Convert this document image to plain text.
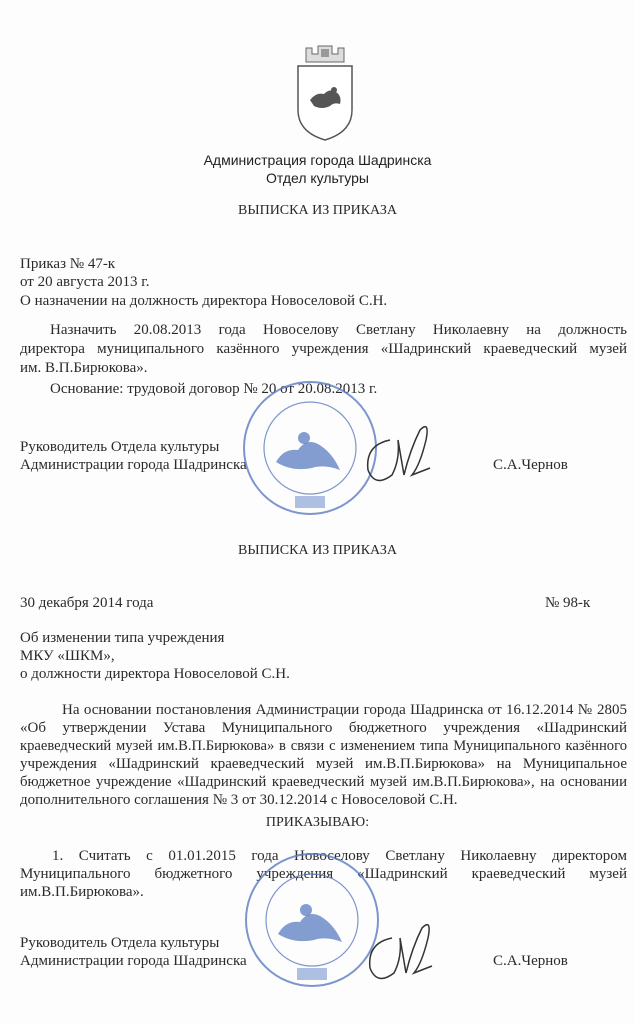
Администрация города Шадринска
Отдел культуры
ВЫПИСКА ИЗ ПРИКАЗА
Приказ № 47-к
от 20 августа 2013 г.
О назначении на должность директора Новоселовой С.Н.
Назначить 20.08.2013 года Новоселову Светлану Николаевну на должность
директора муниципального казённого учреждения «Шадринский краеведческий музей
им. В.П.Бирюкова».
Основание: трудовой договор № 20 от 20.08.2013 г.
Руководитель Отдела культуры
Администрации города Шадринска	С.А.Чернов
ВЫПИСКА ИЗ ПРИКАЗА
30 декабря 2014 года	№ 98-к
Об изменении типа учреждения
МКУ «ШКМ»,
о должности директора Новоселовой С.Н.
На основании постановления Администрации города Шадринска от 16.12.2014 № 2805
«Об утверждении Устава Муниципального бюджетного учреждения «Шадринский
краеведческий музей им.В.П.Бирюкова» в связи с изменением типа Муниципального казённого
учреждения «Шадринский краеведческий музей им.В.П.Бирюкова» на Муниципальное
бюджетное учреждение «Шадринский краеведческий музей им.В.П.Бирюкова», на основании
дополнительного соглашения № 3 от 30.12.2014 с Новоселовой С.Н.
ПРИКАЗЫВАЮ:
1. Считать с 01.01.2015 года Новоселову Светлану Николаевну директором
Муниципального бюджетного учреждения «Шадринский краеведческий музей
им.В.П.Бирюкова».
Руководитель Отдела культуры
Администрации города Шадринска	С.А.Чернов
